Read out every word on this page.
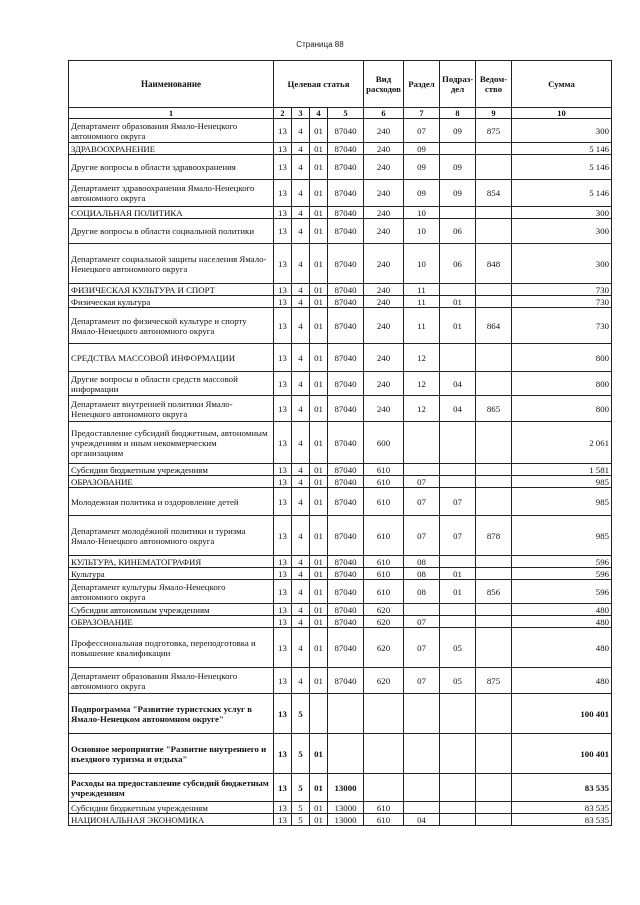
Страница 88
Наименование	Целевая статья				Вид расходов	Раздел	Подраз-дел	Ведом-ство	Сумма
1	2	3	4	5	6	7	8	9	10
Департамент образования Ямало-Ненецкого автономного округа	13	4	01	87040	240	07	09	875	300
ЗДРАВООХРАНЕНИЕ	13	4	01	87040	240	09			5 146
Другие вопросы в области здравоохранения	13	4	01	87040	240	09	09		5 146
Департамент здравоохранения Ямало-Ненецкого автономного округа	13	4	01	87040	240	09	09	854	5 146
СОЦИАЛЬНАЯ ПОЛИТИКА	13	4	01	87040	240	10			300
Другие вопросы в области социальной политики	13	4	01	87040	240	10	06		300
Департамент социальной защиты населения Ямало-Ненецкого автономного округа	13	4	01	87040	240	10	06	848	300
ФИЗИЧЕСКАЯ КУЛЬТУРА И СПОРТ	13	4	01	87040	240	11			730
Физическая культура	13	4	01	87040	240	11	01		730
Департамент по физической культуре и спорту Ямало-Ненецкого автономного округа	13	4	01	87040	240	11	01	864	730
СРЕДСТВА МАССОВОЙ ИНФОРМАЦИИ	13	4	01	87040	240	12			800
Другие вопросы в области средств массовой информации	13	4	01	87040	240	12	04		800
Департамент внутренней политики Ямало-Ненецкого автономного округа	13	4	01	87040	240	12	04	865	800
Предоставление субсидий бюджетным, автономным учреждениям и иным некоммерческим организациям	13	4	01	87040	600				2 061
Субсидии бюджетным учреждениям	13	4	01	87040	610				1 581
ОБРАЗОВАНИЕ	13	4	01	87040	610	07			985
Молодежная политика и оздоровление детей	13	4	01	87040	610	07	07		985
Департамент молодёжной политики и туризма Ямало-Ненецкого автономного округа	13	4	01	87040	610	07	07	878	985
КУЛЬТУРА, КИНЕМАТОГРАФИЯ	13	4	01	87040	610	08			596
Культура	13	4	01	87040	610	08	01		596
Департамент культуры Ямало-Ненецкого автономного округа	13	4	01	87040	610	08	01	856	596
Субсидии автономным учреждениям	13	4	01	87040	620				480
ОБРАЗОВАНИЕ	13	4	01	87040	620	07			480
Профессиональная подготовка, переподготовка и повышение квалификации	13	4	01	87040	620	07	05		480
Департамент образования Ямало-Ненецкого автономного округа	13	4	01	87040	620	07	05	875	480
Подпрограмма "Развитие туристских услуг в Ямало-Ненецком автономном округе"	13	5							100 401
Основное мероприятие "Развитие внутреннего и въездного туризма и отдыха"	13	5	01						100 401
Расходы на предоставление субсидий бюджетным учреждениям	13	5	01	13000					83 535
Субсидии бюджетным учреждениям	13	5	01	13000	610				83 535
НАЦИОНАЛЬНАЯ ЭКОНОМИКА	13	5	01	13000	610	04			83 535
